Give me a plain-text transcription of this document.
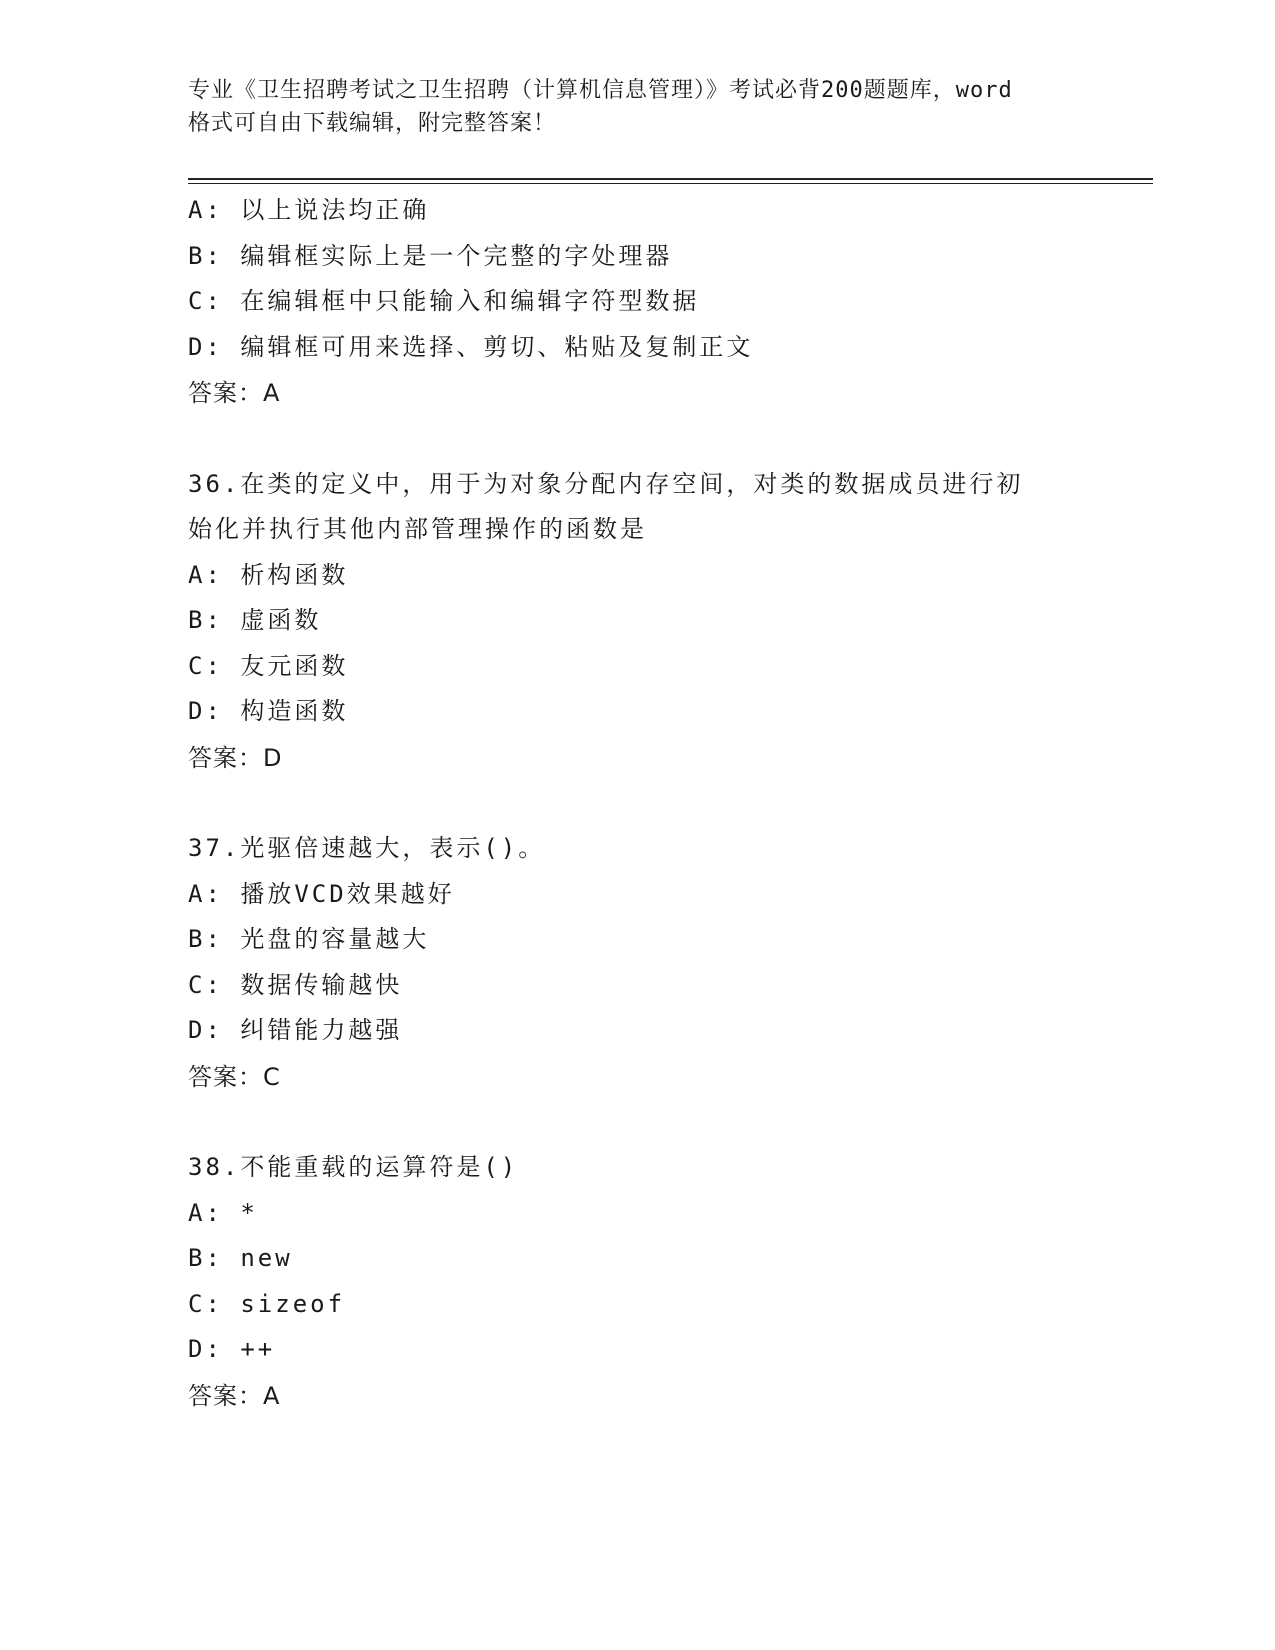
专业《卫生招聘考试之卫生招聘（计算机信息管理）》考试必背200题题库，word
格式可自由下载编辑，附完整答案！
A: 以上说法均正确
B: 编辑框实际上是一个完整的字处理器
C: 在编辑框中只能输入和编辑字符型数据
D: 编辑框可用来选择、剪切、粘贴及复制正文
答案：A
36.在类的定义中，用于为对象分配内存空间，对类的数据成员进行初
始化并执行其他内部管理操作的函数是
A: 析构函数
B: 虚函数
C: 友元函数
D: 构造函数
答案：D
37.光驱倍速越大，表示()。
A: 播放VCD效果越好
B: 光盘的容量越大
C: 数据传输越快
D: 纠错能力越强
答案：C
38.不能重载的运算符是()
A: *
B: new
C: sizeof
D: ++
答案：A
